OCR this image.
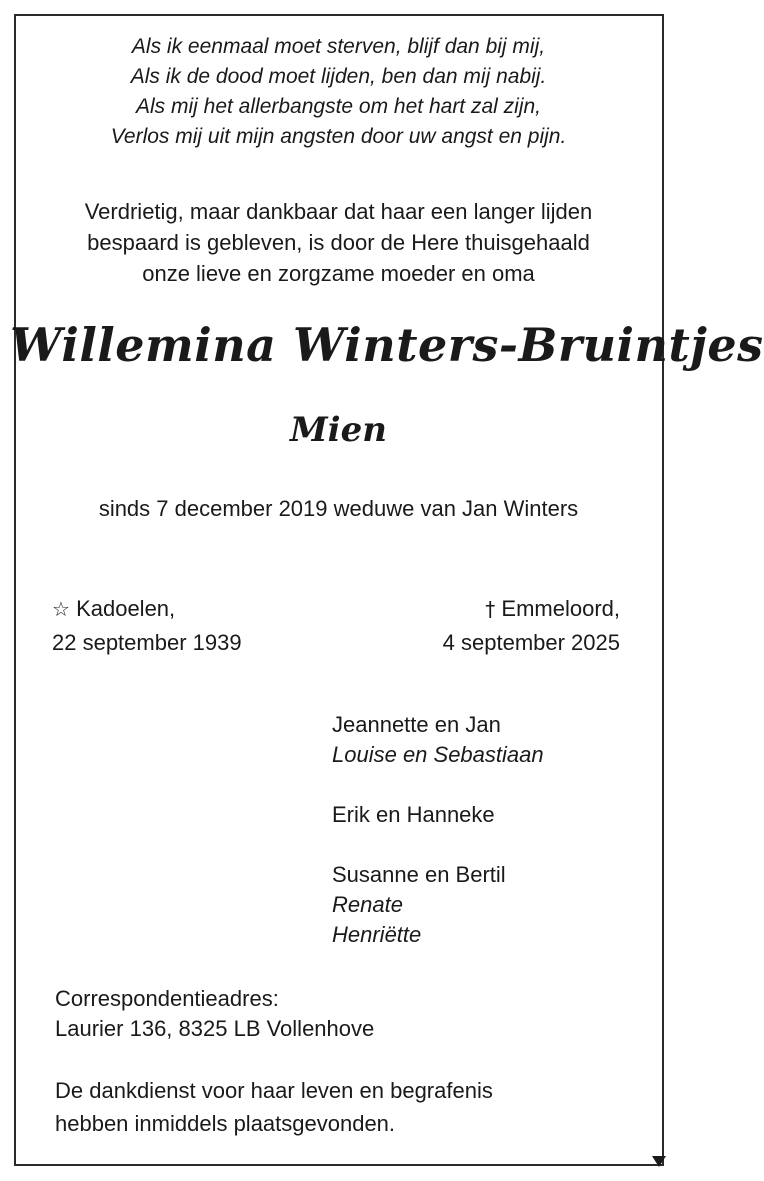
Als ik eenmaal moet sterven, blijf dan bij mij,
Als ik de dood moet lijden, ben dan mij nabij.
Als mij het allerbangste om het hart zal zijn,
Verlos mij uit mijn angsten door uw angst en pijn.
Verdrietig, maar dankbaar dat haar een langer lijden
bespaard is gebleven, is door de Here thuisgehaald
onze lieve en zorgzame moeder en oma
Willemina Winters-Bruintjes
Mien
sinds 7 december 2019 weduwe van Jan Winters
☆ Kadoelen,
22 september 1939
† Emmeloord,
4 september 2025
Jeannette en Jan
Louise en Sebastiaan
Erik en Hanneke
Susanne en Bertil
Renate
Henriëtte
Correspondentieadres:
Laurier 136, 8325 LB Vollenhove
De dankdienst voor haar leven en begrafenis
hebben inmiddels plaatsgevonden.
